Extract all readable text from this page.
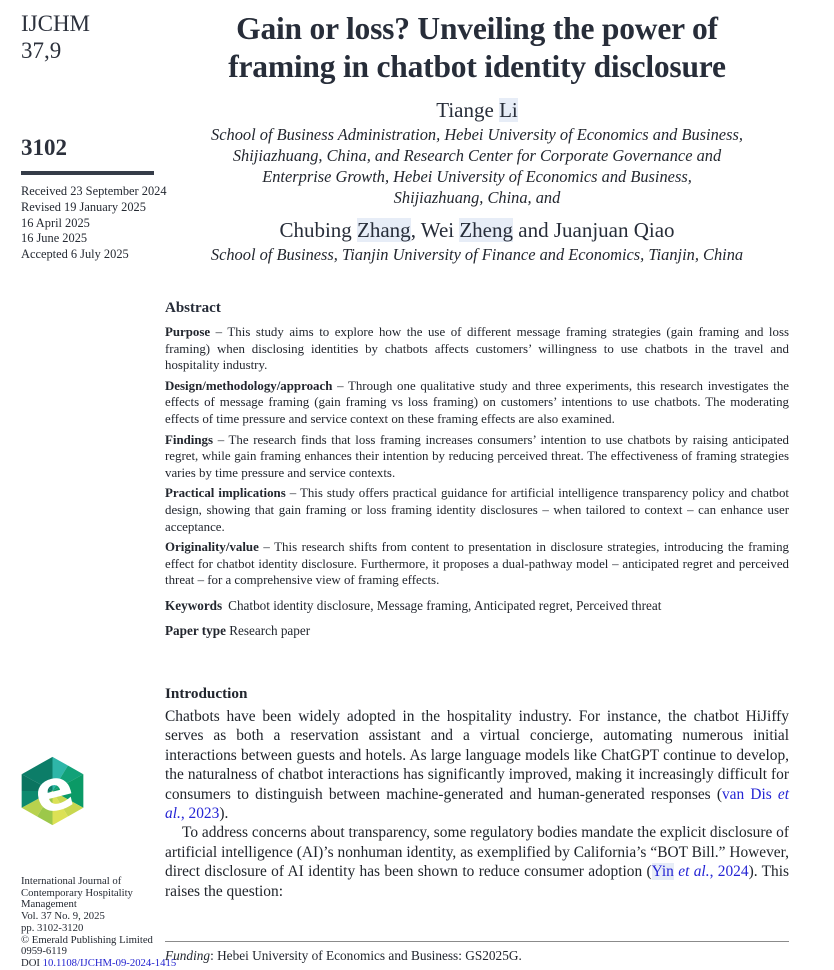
IJCHM
37,9
3102
Received 23 September 2024
Revised 19 January 2025
16 April 2025
16 June 2025
Accepted 6 July 2025
e
International Journal of
Contemporary Hospitality
Management
Vol. 37 No. 9, 2025
pp. 3102-3120
© Emerald Publishing Limited
0959-6119
DOI 10.1108/IJCHM-09-2024-1415
Gain or loss? Unveiling the power of
framing in chatbot identity disclosure
Tiange Li
School of Business Administration, Hebei University of Economics and Business,
Shijiazhuang, China, and Research Center for Corporate Governance and
Enterprise Growth, Hebei University of Economics and Business,
Shijiazhuang, China, and
Chubing Zhang, Wei Zheng and Juanjuan Qiao
School of Business, Tianjin University of Finance and Economics, Tianjin, China
Abstract

Purpose – This study aims to explore how the use of different message framing strategies (gain framing and loss framing) when disclosing identities by chatbots affects customers’ willingness to use chatbots in the travel and hospitality industry.

Design/methodology/approach – Through one qualitative study and three experiments, this research investigates the effects of message framing (gain framing vs loss framing) on customers’ intentions to use chatbots. The moderating effects of time pressure and service context on these framing effects are also examined.

Findings – The research finds that loss framing increases consumers’ intention to use chatbots by raising anticipated regret, while gain framing enhances their intention by reducing perceived threat. The effectiveness of framing strategies varies by time pressure and service contexts.

Practical implications – This study offers practical guidance for artificial intelligence transparency policy and chatbot design, showing that gain framing or loss framing identity disclosures – when tailored to context – can enhance user acceptance.

Originality/value – This research shifts from content to presentation in disclosure strategies, introducing the framing effect for chatbot identity disclosure. Furthermore, it proposes a dual-pathway model – anticipated regret and perceived threat – for a comprehensive view of framing effects.

Keywords Chatbot identity disclosure, Message framing, Anticipated regret, Perceived threat
Paper type Research paper
Introduction

Chatbots have been widely adopted in the hospitality industry. For instance, the chatbot HiJiffy serves as both a reservation assistant and a virtual concierge, automating numerous initial interactions between guests and hotels. As large language models like ChatGPT continue to develop, the naturalness of chatbot interactions has significantly improved, making it increasingly difficult for consumers to distinguish between machine-generated and human-generated responses (van Dis et al., 2023).

To address concerns about transparency, some regulatory bodies mandate the explicit disclosure of artificial intelligence (AI)’s nonhuman identity, as exemplified by California’s “BOT Bill.” However, direct disclosure of AI identity has been shown to reduce consumer adoption (Yin et al., 2024). This raises the question:

Funding: Hebei University of Economics and Business: GS2025G.
